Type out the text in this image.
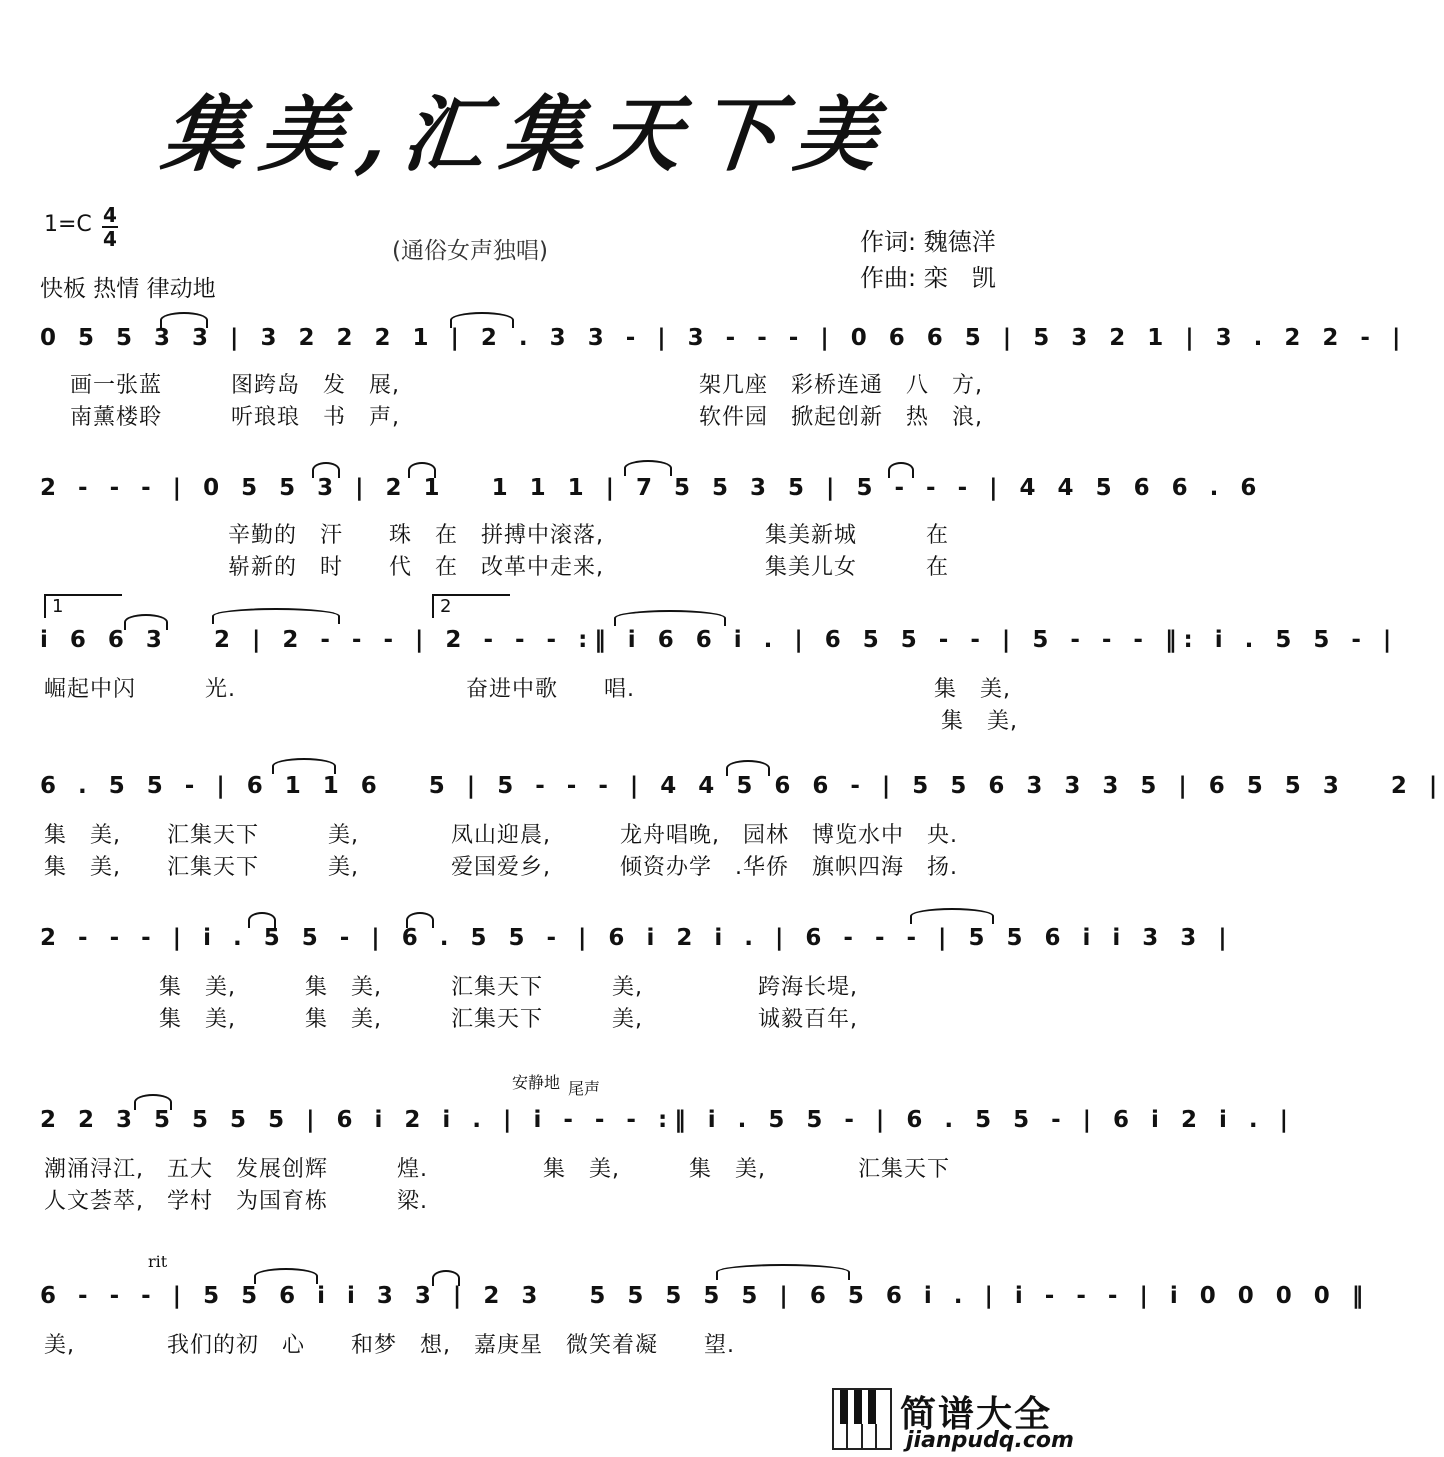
集美,汇集天下美
$1=C \frac{4}{4}$
快板 热情 律动地
(通俗女声独唱)	作词: 魏德洋
作曲: 栾　凯
0 5 5 3 3 | 3 2 2 2 1 | 2 . 3 3 - | 3 - - - | 0 6 6 5 | 5 3 2 1 | 3 . 2 2 - |
画一张蓝　　　图跨岛　发　展,　　　　　　　　　　　　　架几座　彩桥连通　八　方,
南薰楼聆　　　听琅琅　书　声,　　　　　　　　　　　　　软件园　掀起创新　热　浪,
2 - - - | 0 5 5 3 | 2 1   1 1 1 | 7 5 5 3 5 | 5 - - - | 4 4 5 6 6 . 6
　　　　　　　　辛勤的　汗　　珠　在　拼搏中滚落,　　　　　　　集美新城　　　在
　　　　　　　　崭新的　时　　代　在　改革中走来,　　　　　　　集美儿女　　　在
1	2
i 6 6 3   2 | 2 - - - | 2 - - - :‖ i 6 6 i . | 6 5 5 - - | 5 - - - ‖: i . 5 5 - |
崛起中闪　　　光.　　　　　　　　　　奋进中歌　　唱.　　　　　　　　　　　　　集　美,
　　　　　　　　　　　　　　　　　　　　　　　　　　　　　　　　　　　　　　　集　美,
6 . 5 5 - | 6 1 1 6   5 | 5 - - - | 4 4 5 6 6 - | 5 5 6 3 3 3 5 | 6 5 5 3   2 |
集　美,　　汇集天下　　　美,　　　　凤山迎晨,　　　龙舟唱晚,　园林　博览水中　央.
集　美,　　汇集天下　　　美,　　　　爱国爱乡,　　　倾资办学　.华侨　旗帜四海　扬.
2 - - - | i . 5 5 - | 6 . 5 5 - | 6 i 2 i . | 6 - - - | 5 5 6 i i 3 3 |
　　　　　集　美,　　　集　美,　　　汇集天下　　　美,　　　　　跨海长堤,
　　　　　集　美,　　　集　美,　　　汇集天下　　　美,　　　　　诚毅百年,
安静地 尾声
2 2 3 5 5 5 5 | 6 i 2 i . | i - - - :‖ i . 5 5 - | 6 . 5 5 - | 6 i 2 i . |
潮涌浔江,　五大　发展创辉　　　煌.　　　　　集　美,　　　集　美,　　　　汇集天下
人文荟萃,　学村　为国育栋　　　梁.
rit
6 - - - | 5 5 6 i i 3 3 | 2 3   5 5 5 5 5 | 6 5 6 i . | i - - - | i 0 0 0 0 ‖
美,　　　　我们的初　心　　和梦　想,　嘉庚星　微笑着凝　　望.
简谱大全
jianpudq.com
